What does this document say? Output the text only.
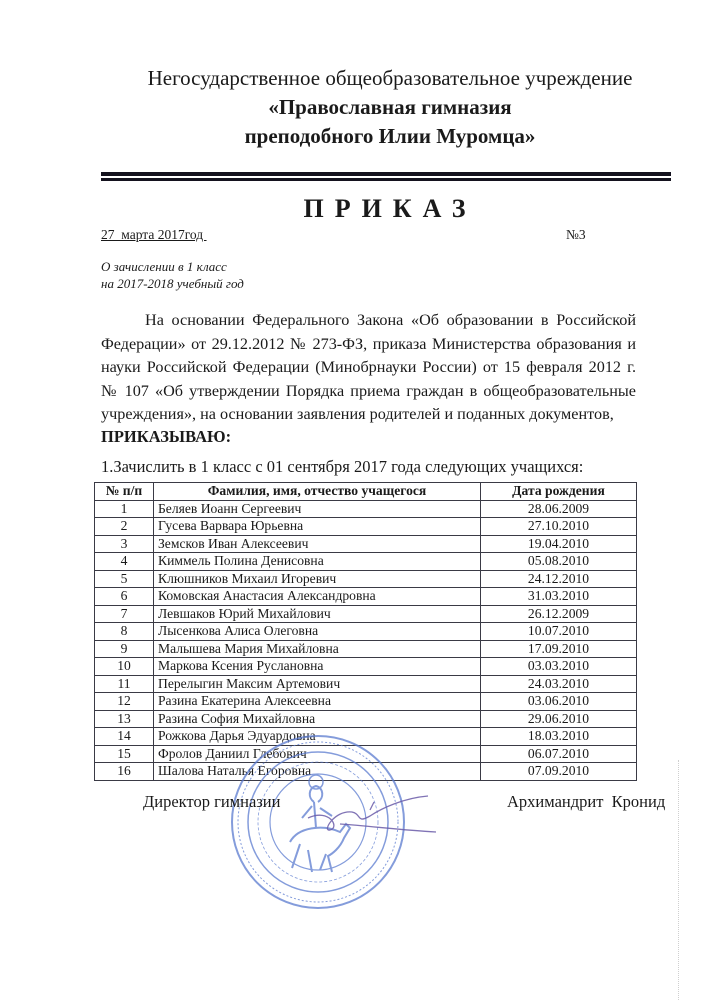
Негосударственное общеобразовательное учреждение
«Православная гимназия
преподобного Илии Муромца»
ПРИКАЗ
27  марта 2017год	№3
О зачислении в 1 класс
на 2017-2018 учебный год
На основании Федерального Закона «Об образовании в Российской Федерации» от 29.12.2012 № 273-ФЗ, приказа Министерства образования и науки Российской Федерации (Минобрнауки России) от 15 февраля 2012 г. № 107 «Об утверждении Порядка приема граждан в общеобразовательные учреждения», на основании заявления родителей и поданных документов,
ПРИКАЗЫВАЮ:
1.Зачислить в 1 класс с 01 сентября 2017 года следующих учащихся:
№ п/п	Фамилия, имя, отчество учащегося	Дата рождения
1	Беляев Иоанн Сергеевич	28.06.2009
2	Гусева Варвара Юрьевна	27.10.2010
3	Земсков Иван Алексеевич	19.04.2010
4	Киммель Полина Денисовна	05.08.2010
5	Клюшников Михаил Игоревич	24.12.2010
6	Комовская Анастасия Александровна	31.03.2010
7	Левшаков Юрий Михайлович	26.12.2009
8	Лысенкова Алиса Олеговна	10.07.2010
9	Малышева Мария Михайловна	17.09.2010
10	Маркова Ксения Руслановна	03.03.2010
11	Перелыгин Максим Артемович	24.03.2010
12	Разина Екатерина Алексеевна	03.06.2010
13	Разина София Михайловна	29.06.2010
14	Рожкова Дарья Эдуардовна	18.03.2010
15	Фролов Даниил Глебович	06.07.2010
16	Шалова Наталья Егоровна	07.09.2010
Директор гимназии	Архимандрит  Кронид
